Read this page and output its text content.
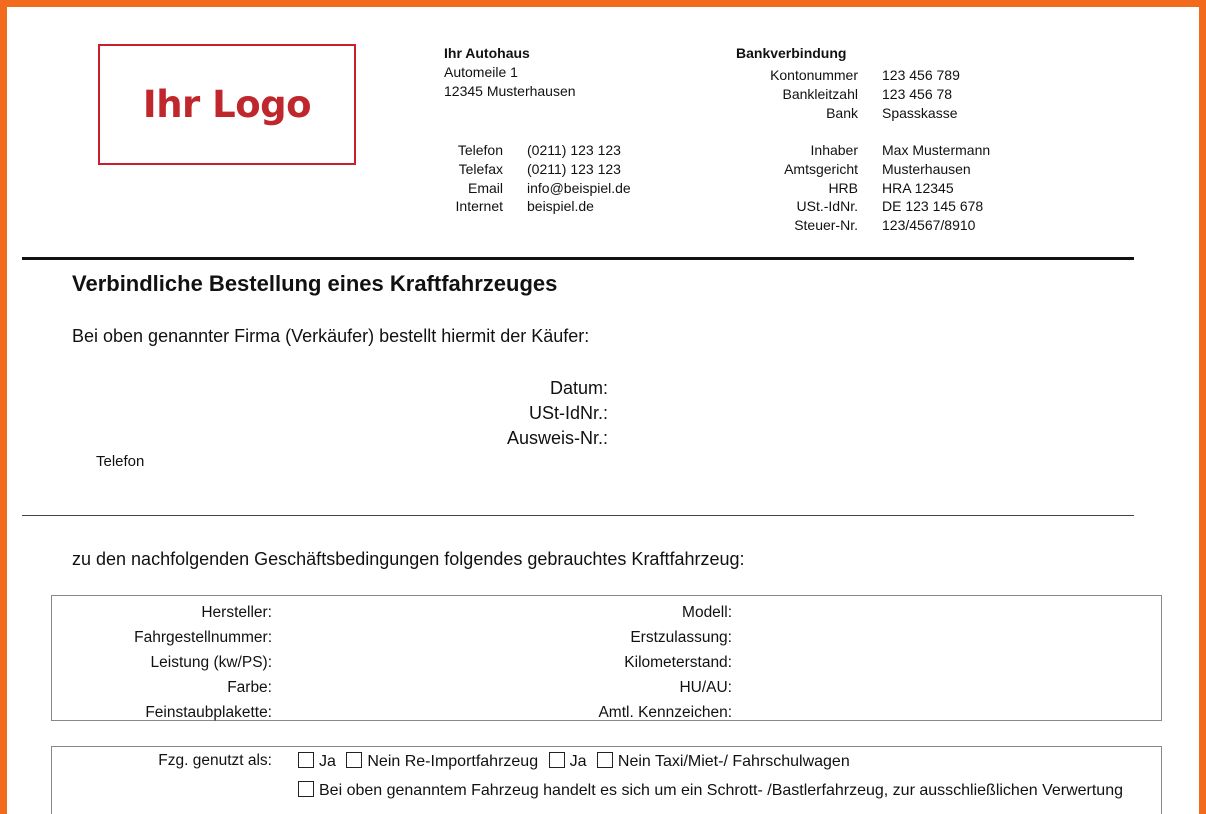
Ihr Logo
Ihr Autohaus
Automeile 1
12345 Musterhausen
Telefon
Telefax
Email
Internet
(0211) 123 123
(0211) 123 123
info@beispiel.de
beispiel.de
Bankverbindung
Kontonummer
Bankleitzahl
Bank
123 456 789
123 456 78
Spasskasse
Inhaber
Amtsgericht
HRB
USt.-IdNr.
Steuer-Nr.
Max Mustermann
Musterhausen
HRA 12345
DE 123 145 678
123/4567/8910
Verbindliche Bestellung eines Kraftfahrzeuges
Bei oben genannter Firma (Verkäufer) bestellt hiermit der Käufer:
Datum:
USt-IdNr.:
Ausweis-Nr.:
Telefon
zu den nachfolgenden Geschäftsbedingungen folgendes gebrauchtes Kraftfahrzeug:
Hersteller:
Fahrgestellnummer:
Leistung (kw/PS):
Farbe:
Feinstaubplakette:
Modell:
Erstzulassung:
Kilometerstand:
HU/AU:
Amtl. Kennzeichen:
Fzg. genutzt als:	Ja Nein Re-Importfahrzeug Ja Nein Taxi/Miet-/ Fahrschulwagen
Bei oben genanntem Fahrzeug handelt es sich um ein Schrott- /Bastlerfahrzeug, zur ausschließlichen Verwertung
